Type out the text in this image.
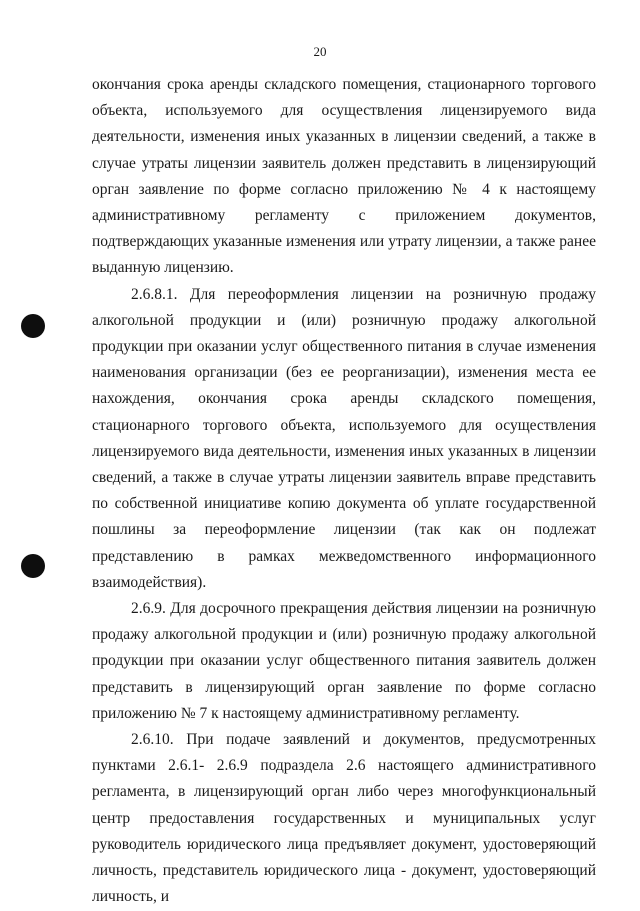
20

окончания срока аренды складского помещения, стационарного торгового объекта, используемого для осуществления лицензируемого вида деятельности, изменения иных указанных в лицензии сведений, а также в случае утраты лицензии заявитель должен представить в лицензирующий орган заявление по форме согласно приложению № 4 к настоящему административному регламенту с приложением документов, подтверждающих указанные изменения или утрату лицензии, а также ранее выданную лицензию.

2.6.8.1. Для переоформления лицензии на розничную продажу алкогольной продукции и (или) розничную продажу алкогольной продукции при оказании услуг общественного питания в случае изменения наименования организации (без ее реорганизации), изменения места ее нахождения, окончания срока аренды складского помещения, стационарного торгового объекта, используемого для осуществления лицензируемого вида деятельности, изменения иных указанных в лицензии сведений, а также в случае утраты лицензии заявитель вправе представить по собственной инициативе копию документа об уплате государственной пошлины за переоформление лицензии (так как он подлежат представлению в рамках межведомственного информационного взаимодействия).

2.6.9. Для досрочного прекращения действия лицензии на розничную продажу алкогольной продукции и (или) розничную продажу алкогольной продукции при оказании услуг общественного питания заявитель должен представить в лицензирующий орган заявление по форме согласно приложению № 7 к настоящему административному регламенту.

2.6.10. При подаче заявлений и документов, предусмотренных пунктами 2.6.1- 2.6.9 подраздела 2.6 настоящего административного регламента, в лицензирующий орган либо через многофункциональный центр предоставления государственных и муниципальных услуг руководитель юридического лица предъявляет документ, удостоверяющий личность, представитель юридического лица - документ, удостоверяющий личность, и
